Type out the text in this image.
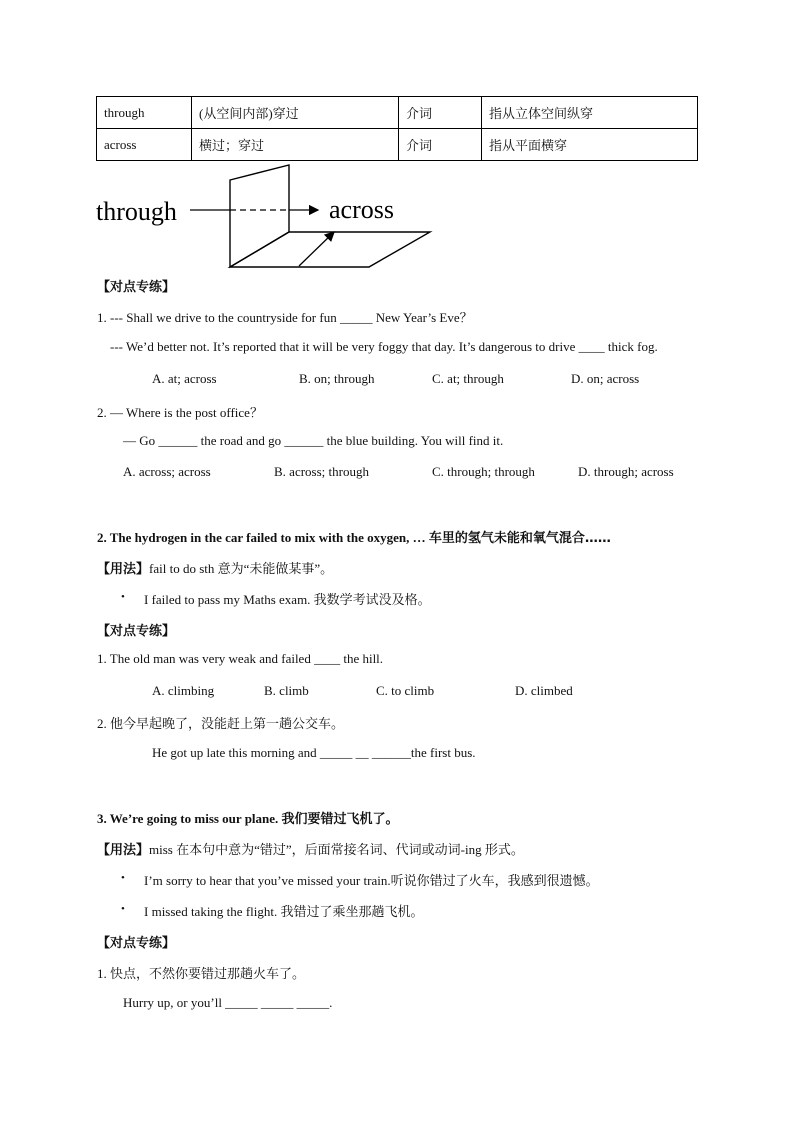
through	(从空间内部)穿过	介词	指从立体空间纵穿
across	横过；穿过	介词	指从平面横穿
through	across
【对点专练】
1. --- Shall we drive to the countryside for fun _____ New Year’s Eve？
--- We’d better not. It’s reported that it will be very foggy that day. It’s dangerous to drive ____ thick fog.
A. at; across	B. on; through	C. at; through	D. on; across
2. — Where is the post office？
— Go ______ the road and go ______ the blue building. You will find it.
A. across; across	B. across; through	C. through; through	D. through; across
2. The hydrogen in the car failed to mix with the oxygen, … 车里的氢气未能和氧气混合……
【用法】fail to do sth 意为“未能做某事”。
• I failed to pass my Maths exam. 我数学考试没及格。
【对点专练】
1. The old man was very weak and failed ____ the hill.
A. climbing	B. climb	C. to climb	D. climbed
2. 他今早起晚了，没能赶上第一趟公交车。
He got up late this morning and _____ __ ______the first bus.
3. We’re going to miss our plane. 我们要错过飞机了。
【用法】miss 在本句中意为“错过”，后面常接名词、代词或动词-ing 形式。
• I’m sorry to hear that you’ve missed your train.听说你错过了火车，我感到很遗憾。
• I missed taking the flight. 我错过了乘坐那趟飞机。
【对点专练】
1. 快点，不然你要错过那趟火车了。
Hurry up, or you’ll _____ _____ _____.
